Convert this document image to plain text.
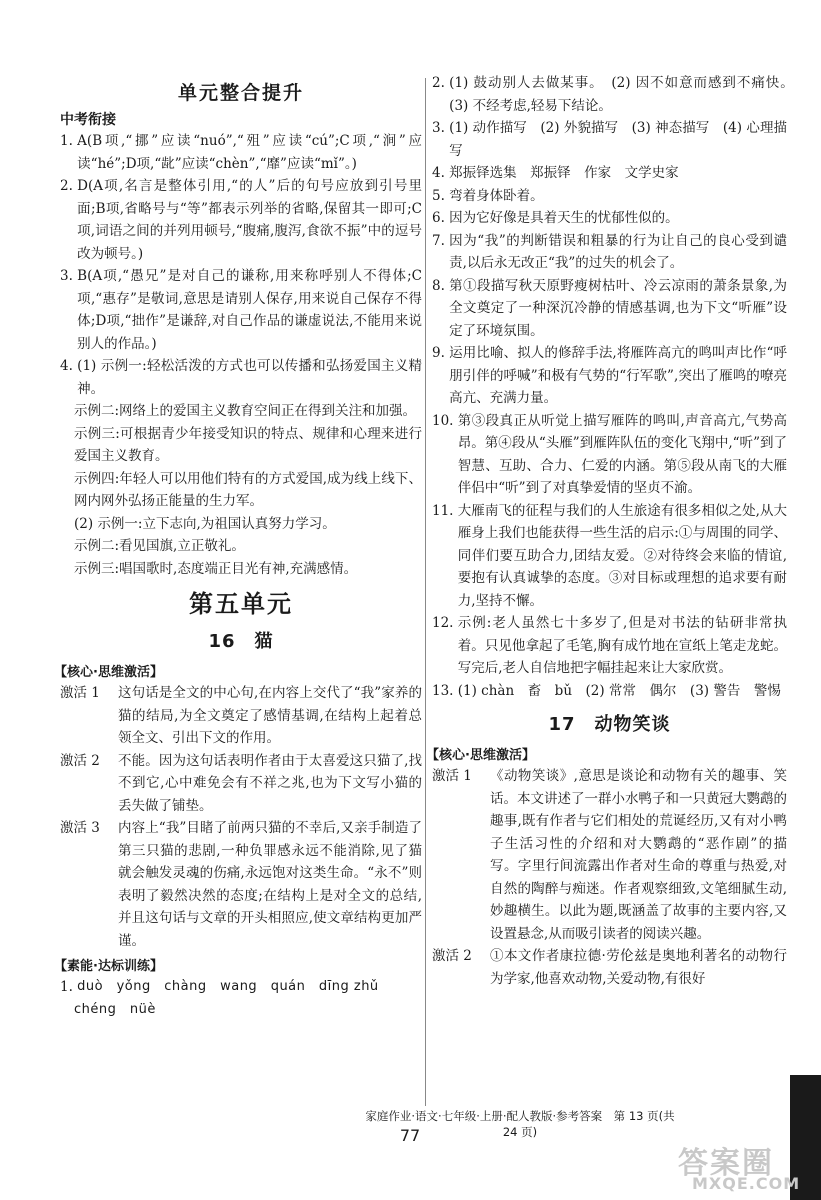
单元整合提升
中考衔接
1. A(B项,“挪”应读“nuó”,“殂”应读“cú”;C项,“涧”应读“hé”;D项,“龀”应读“chèn”,“靡”应读“mǐ”。)
2. D(A项,名言是整体引用,“的人”后的句号应放到引号里面;B项,省略号与“等”都表示列举的省略,保留其一即可;C项,词语之间的并列用顿号,“腹痛,腹泻,食欲不振”中的逗号改为顿号。)
3. B(A项,“愚兄”是对自己的谦称,用来称呼别人不得体;C项,“惠存”是敬词,意思是请别人保存,用来说自己保存不得体;D项,“拙作”是谦辞,对自己作品的谦虚说法,不能用来说别人的作品。)
4. (1) 示例一:轻松活泼的方式也可以传播和弘扬爱国主义精神。
示例二:网络上的爱国主义教育空间正在得到关注和加强。
示例三:可根据青少年接受知识的特点、规律和心理来进行爱国主义教育。
示例四:年轻人可以用他们特有的方式爱国,成为线上线下、网内网外弘扬正能量的生力军。
(2) 示例一:立下志向,为祖国认真努力学习。
示例二:看见国旗,立正敬礼。
示例三:唱国歌时,态度端正目光有神,充满感情。
第五单元
16　猫
【核心·思维激活】
激活 1	这句话是全文的中心句,在内容上交代了“我”家养的猫的结局,为全文奠定了感情基调,在结构上起着总领全文、引出下文的作用。
激活 2	不能。因为这句话表明作者由于太喜爱这只猫了,找不到它,心中难免会有不祥之兆,也为下文写小猫的丢失做了铺垫。
激活 3	内容上“我”目睹了前两只猫的不幸后,又亲手制造了第三只猫的悲剧,一种负罪感永远不能消除,见了猫就会触发灵魂的伤痛,永远饱对这类生命。“永不”则表明了毅然决然的态度;在结构上是对全文的总结,并且这句话与文章的开头相照应,使文章结构更加严谨。
【素能·达标训练】
1. duò　yǒng　chàng　wang　quán　dīng zhǔ
chéng　nüè
2. (1) 鼓动别人去做某事。　(2) 因不如意而感到不痛快。　(3) 不经考虑,轻易下结论。
3. (1) 动作描写　(2) 外貌描写　(3) 神态描写　(4) 心理描写
4. 郑振铎选集　郑振铎　作家　文学史家
5. 弯着身体卧着。
6. 因为它好像是具着天生的忧郁性似的。
7. 因为“我”的判断错误和粗暴的行为让自己的良心受到谴责,以后永无改正“我”的过失的机会了。
8. 第①段描写秋天原野瘦树枯叶、冷云凉雨的萧条景象,为全文奠定了一种深沉冷静的情感基调,也为下文“听雁”设定了环境氛围。
9. 运用比喻、拟人的修辞手法,将雁阵高亢的鸣叫声比作“呼朋引伴的呼喊”和极有气势的“行军歌”,突出了雁鸣的嘹亮高亢、充满力量。
10. 第③段真正从听觉上描写雁阵的鸣叫,声音高亢,气势高昂。第④段从“头雁”到雁阵队伍的变化飞翔中,“听”到了智慧、互助、合力、仁爱的内涵。第⑤段从南飞的大雁伴侣中“听”到了对真挚爱情的坚贞不渝。
11. 大雁南飞的征程与我们的人生旅途有很多相似之处,从大雁身上我们也能获得一些生活的启示:①与周围的同学、同伴们要互助合力,团结友爱。②对待终会来临的情谊,要抱有认真诚挚的态度。③对目标或理想的追求要有耐力,坚持不懈。
12. 示例:老人虽然七十多岁了,但是对书法的钻研非常执着。只见他拿起了毛笔,胸有成竹地在宣纸上笔走龙蛇。写完后,老人自信地把字幅挂起来让大家欣赏。
13. (1) chàn　畜　bǔ　(2) 常常　偶尔　(3) 警告　警惕
17　动物笑谈
【核心·思维激活】
激活 1	《动物笑谈》,意思是谈论和动物有关的趣事、笑话。本文讲述了一群小水鸭子和一只黄冠大鹦鹉的趣事,既有作者与它们相处的荒诞经历,又有对小鸭子生活习性的介绍和对大鹦鹉的“恶作剧”的描写。字里行间流露出作者对生命的尊重与热爱,对自然的陶醉与痴迷。作者观察细致,文笔细腻生动,妙趣横生。以此为题,既涵盖了故事的主要内容,又设置悬念,从而吸引读者的阅读兴趣。
激活 2	①本文作者康拉德·劳伦兹是奥地利著名的动物行为学家,他喜欢动物,关爱动物,有很好
家庭作业·语文·七年级·上册·配人教版·参考答案　第 13 页(共 24 页)
77
答案圈
MXQE.COM
